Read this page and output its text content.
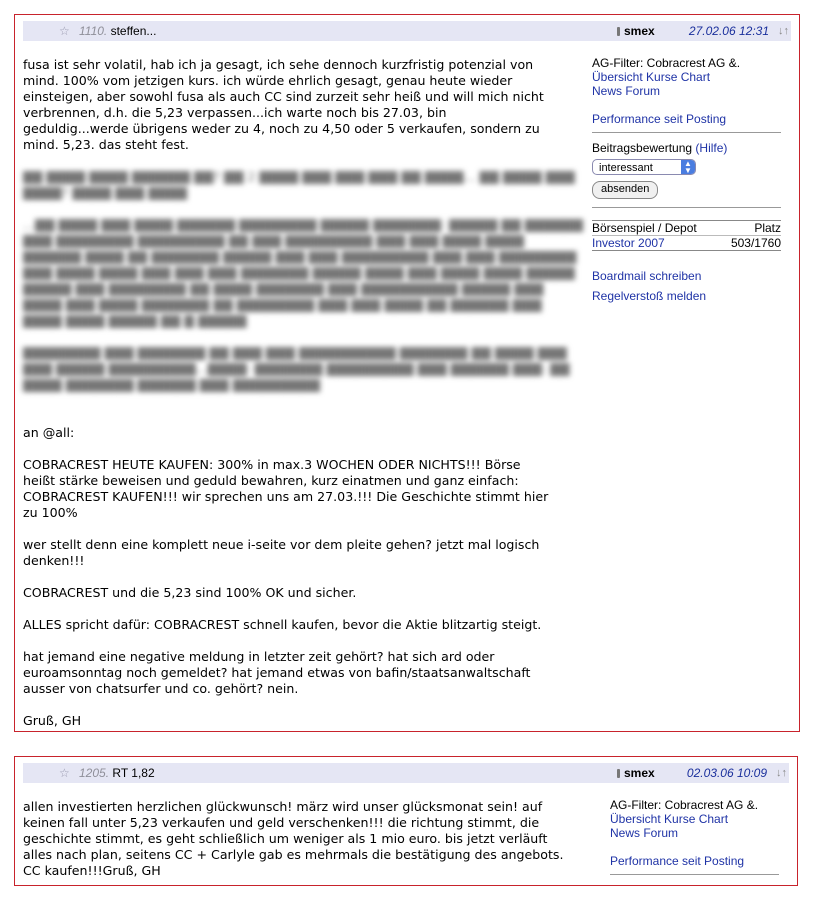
☆ 1110. steffen...	smex	27.02.06 12:31 ↓↑

fusa ist sehr volatil, hab ich ja gesagt, ich sehe dennoch kurzfristig potenzial von
mind. 100% vom jetzigen kurs. ich würde ehrlich gesagt, genau heute wieder
einsteigen, aber sowohl fusa als auch CC sind zurzeit sehr heiß und will mich nicht
verbrennen, d.h. die 5,23 verpassen...ich warte noch bis 27.03, bin
geduldig...werde übrigens weder zu 4, noch zu 4,50 oder 5 verkaufen, sondern zu
mind. 5,23. das steht fest.

▇▇ ▇▇▇▇ ▇▇▇▇ ▇▇▇▇▇▇ ▇▇? ▇▇ 2 ▇▇▇▇ ▇▇▇ ▇▇▇ ▇▇▇ ▇▇ ▇▇▇▇... ▇▇ ▇▇▇▇ ▇▇▇ ▇▇▇▇? ▇▇▇▇ ▇▇▇ ▇▇▇▇

...▇▇ ▇▇▇▇ ▇▇▇ ▇▇▇▇ ▇▇▇▇▇▇ ▇▇▇▇▇▇▇▇ ▇▇▇▇▇ ▇▇▇▇▇▇▇: ▇▇▇▇▇ ▇▇ ▇▇▇▇▇▇ ▇▇▇ ▇▇▇▇▇▇▇▇ ▇▇▇▇▇▇▇▇▇ ▇▇ ▇▇▇ ▇▇▇▇▇▇▇▇▇ ▇▇▇ ▇▇▇ ▇▇▇▇ ▇▇▇▇ ▇▇▇▇▇▇ ▇▇▇▇ ▇▇ ▇▇▇▇▇▇▇ ▇▇▇▇▇ ▇▇▇ ▇▇▇ ▇▇▇▇▇▇▇▇▇ ▇▇▇ ▇▇▇ ▇▇▇▇▇▇▇▇ ▇▇▇ ▇▇▇▇ ▇▇▇▇ ▇▇▇ ▇▇▇ ▇▇▇ ▇▇▇▇▇▇▇ ▇▇▇▇▇ ▇▇▇▇ ▇▇▇ ▇▇▇▇ ▇▇▇▇ ▇▇▇▇▇ ▇▇▇▇▇ ▇▇▇ ▇▇▇▇▇▇▇▇ ▇▇ ▇▇▇▇ ▇▇▇▇▇▇▇ ▇▇▇ ▇▇▇▇▇▇▇▇▇▇ ▇▇▇▇▇ ▇▇▇ ▇▇▇▇ ▇▇▇ ▇▇▇▇ ▇▇▇▇▇▇▇ ▇▇ ▇▇▇▇▇▇▇▇ ▇▇▇ ▇▇▇ ▇▇▇▇ ▇▇ ▇▇▇▇▇▇ ▇▇▇ ▇▇▇▇ ▇▇▇▇ ▇▇▇▇▇ ▇▇ ▇ ▇▇▇▇▇

▇▇▇▇▇▇▇▇ ▇▇▇ ▇▇▇▇▇▇▇ ▇▇ ▇▇▇ ▇▇▇ ▇▇▇▇▇▇▇▇▇▇ ▇▇▇▇▇▇▇ ▇▇ ▇▇▇▇ ▇▇▇ ▇▇▇ ▇▇▇▇▇ ▇▇▇▇▇▇▇▇▇...▇▇▇▇: ▇▇▇▇▇▇▇ ▇▇▇▇▇▇▇▇▇ ▇▇▇ ▇▇▇▇▇▇ ▇▇▇: ▇▇ ▇▇▇▇ ▇▇▇▇▇▇▇ ▇▇▇▇▇▇ ▇▇▇ ▇▇▇▇▇▇▇▇▇

an @all:

COBRACREST HEUTE KAUFEN: 300% in max.3 WOCHEN ODER NICHTS!!! Börse
heißt stärke beweisen und geduld bewahren, kurz einatmen und ganz einfach:
COBRACREST KAUFEN!!! wir sprechen uns am 27.03.!!! Die Geschichte stimmt hier
zu 100%

wer stellt denn eine komplett neue i-seite vor dem pleite gehen? jetzt mal logisch
denken!!!

COBRACREST und die 5,23 sind 100% OK und sicher.

ALLES spricht dafür: COBRACREST schnell kaufen, bevor die Aktie blitzartig steigt.

hat jemand eine negative meldung in letzter zeit gehört? hat sich ard oder
euroamsonntag noch gemeldet? hat jemand etwas von bafin/staatsanwaltschaft
ausser von chatsurfer und co. gehört? nein.

Gruß, GH

AG-Filter: Cobracrest AG &.
Übersicht Kurse Chart
News Forum
Performance seit Posting
Beitragsbewertung (Hilfe)
interessant	▲
▼
absenden
Börsenspiel / Depot	Platz
Investor 2007	503/1760
Boardmail schreiben
Regelverstoß melden
☆ 1205. RT 1,82	smex	02.03.06 10:09 ↓↑

allen investierten herzlichen glückwunsch! märz wird unser glücksmonat sein! auf
keinen fall unter 5,23 verkaufen und geld verschenken!!! die richtung stimmt, die
geschichte stimmt, es geht schließlich um weniger als 1 mio euro. bis jetzt verläuft
alles nach plan, seitens CC + Carlyle gab es mehrmals die bestätigung des angebots.
CC kaufen!!!Gruß, GH

AG-Filter: Cobracrest AG &.
Übersicht Kurse Chart
News Forum
Performance seit Posting
